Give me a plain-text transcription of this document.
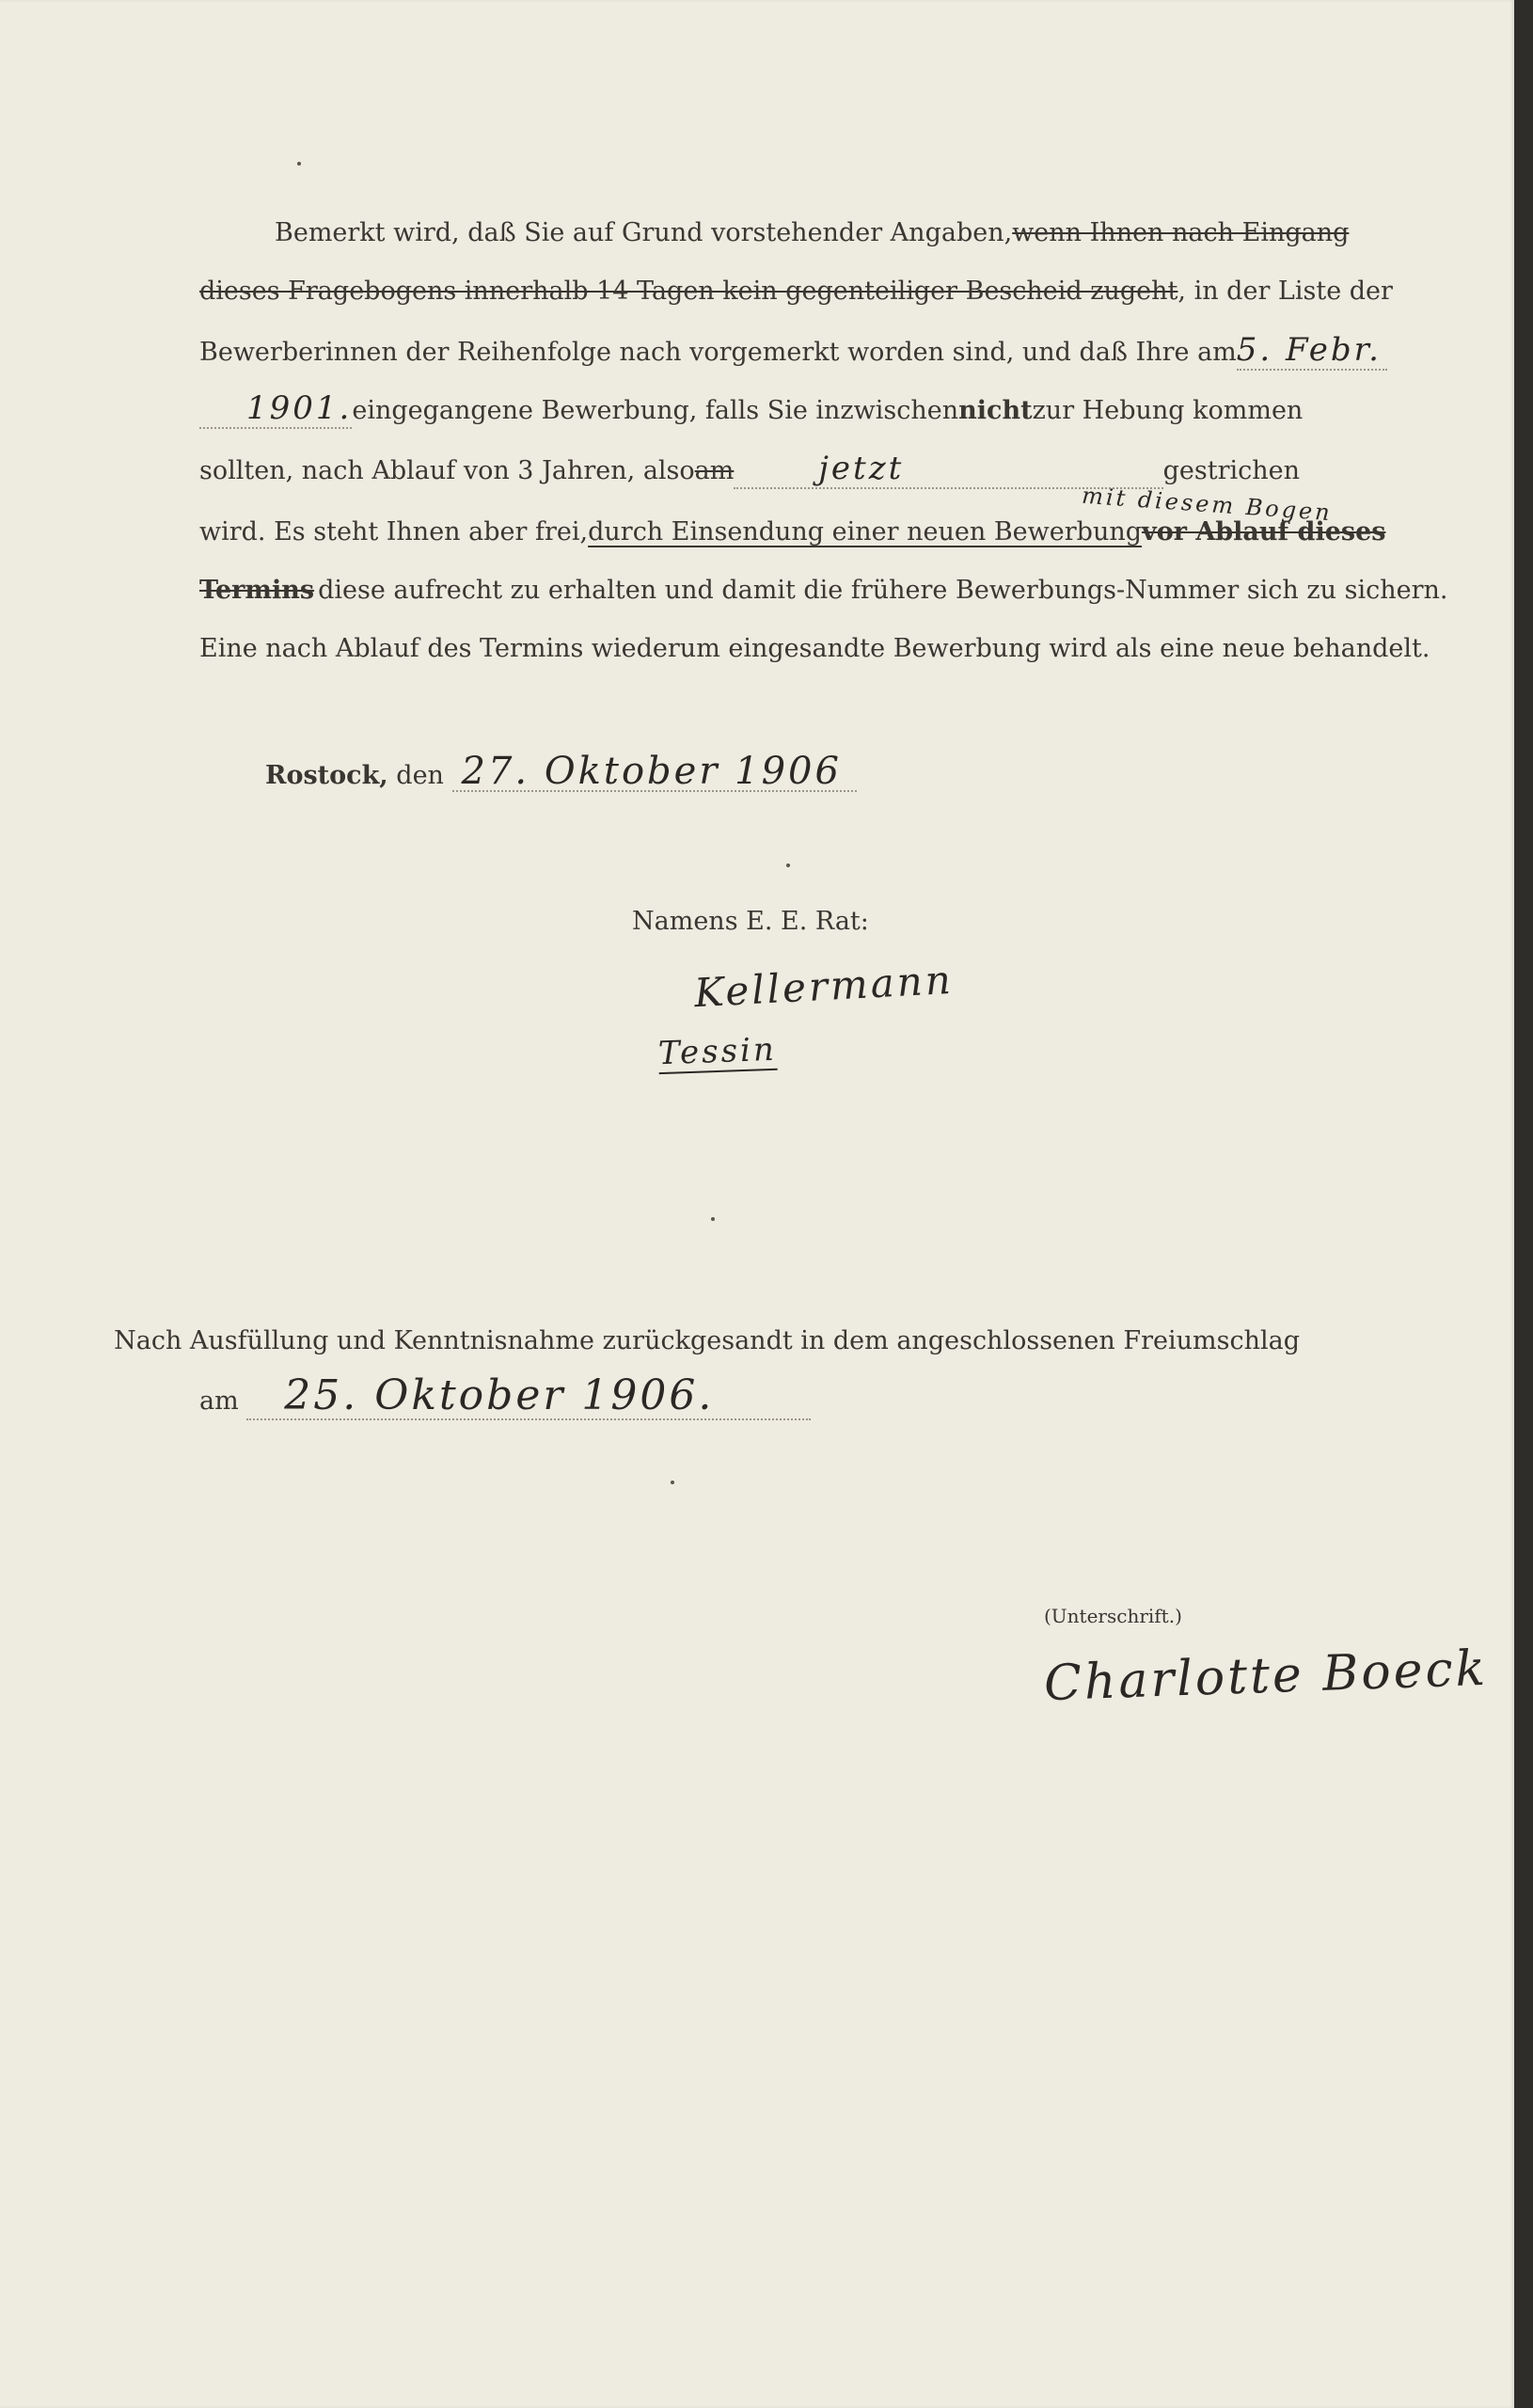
Bemerkt wird, daß Sie auf Grund vorstehender Angaben, wenn Ihnen nach Eingang
dieses Fragebogens innerhalb 14 Tagen kein gegenteiliger Bescheid zugeht , in der Liste der
Bewerberinnen der Reihenfolge nach vorgemerkt worden sind, und daß Ihre am 5. Febr.
1901. eingegangene Bewerbung, falls Sie inzwischen nicht zur Hebung kommen
sollten, nach Ablauf von 3 Jahren, also am	jetzt	gestrichen
mit diesem Bogen
wird. Es steht Ihnen aber frei, durch Einsendung einer neuen Bewerbung vor Ablauf dieses
Termins diese aufrecht zu erhalten und damit die frühere Bewerbungs-Nummer sich zu sichern.
Eine nach Ablauf des Termins wiederum eingesandte Bewerbung wird als eine neue behandelt.
Rostock, den 27. Oktober 1906
Namens E. E. Rat:
Kellermann
Tessin
Nach Ausfüllung und Kenntnisnahme zurückgesandt in dem angeschlossenen Freiumschlag
am 25. Oktober 1906.
(Unterschrift.)
Charlotte Boeck
